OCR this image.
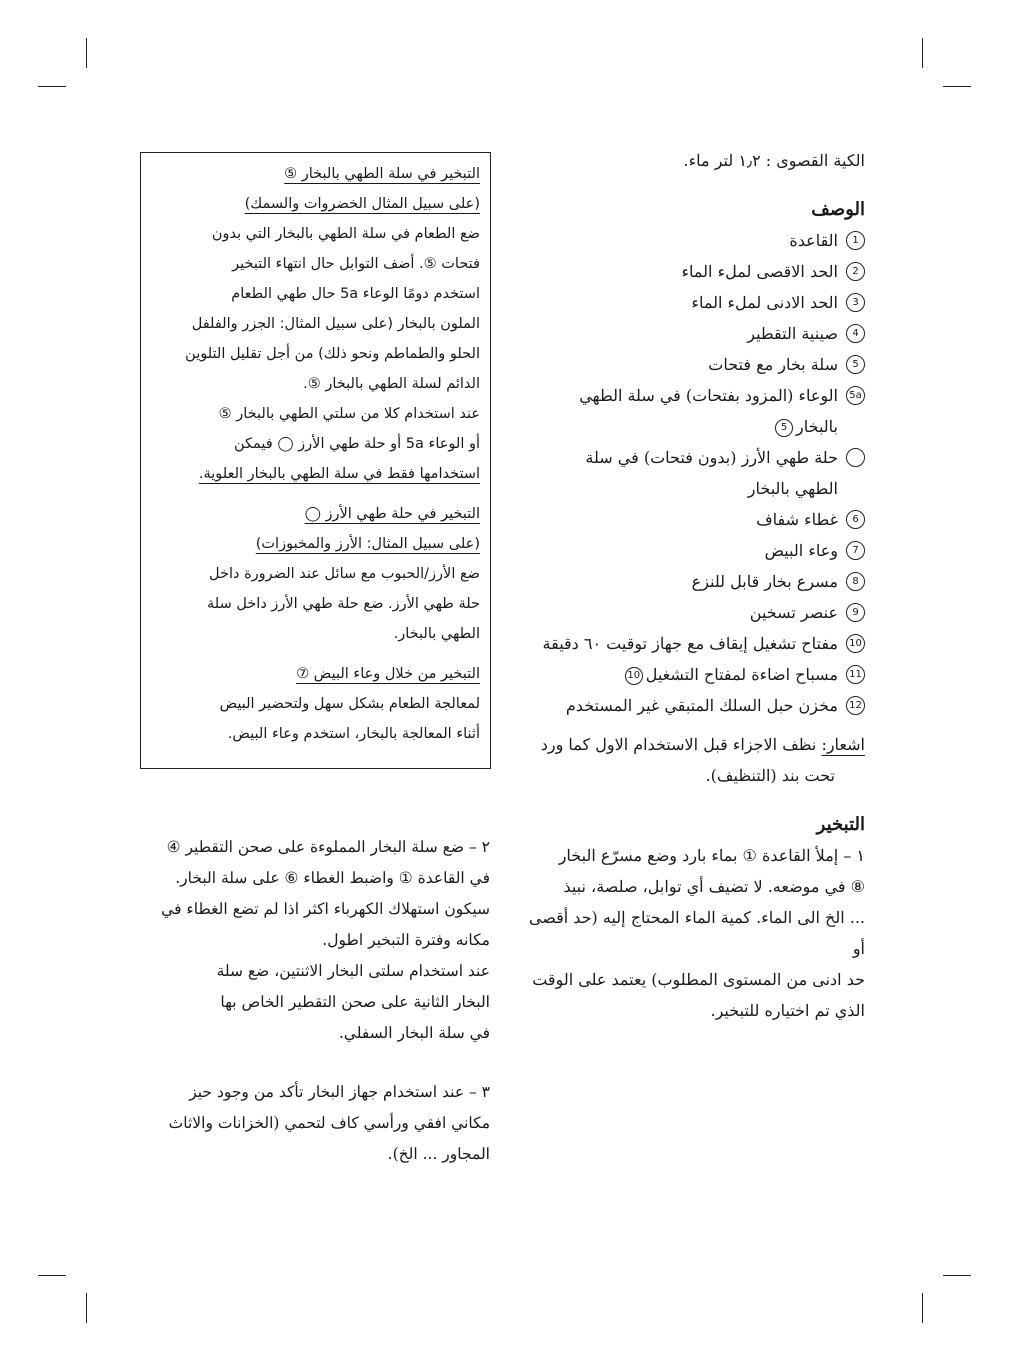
الكية القصوى : ١٫٢ لتر ماء.

الوصف

1
القاعدة
2
الحد الاقصى لملء الماء
3
الحد الادنى لملء الماء
4
صينية التقطير
5
سلة بخار مع فتحات
5a
الوعاء (المزود بفتحات) في سلة الطهي
بالبخار5
حلة طهي الأرز (بدون فتحات) في سلة
الطهي بالبخار
6
غطاء شفاف
7
وعاء البيض
8
مسرع بخار قابل للنزع
9
عنصر تسخين
10
مفتاح تشغيل إيقاف مع جهاز توقيت ٦٠ دقيقة
11
مسباح اضاءة لمفتاح التشغيل10
12
مخزن حبل السلك المتبقي غير المستخدم

اشعار: نظف الاجزاء قبل الاستخدام الاول كما ورد

تحت بند (التنظيف).

التبخير

١ – إملأ القاعدة ① بماء بارد وضع مسرّع البخار

⑧ في موضعه. لا تضيف أي توابل، صلصة، نبيذ

... الخ الى الماء. كمية الماء المحتاج إليه (حد أقصى أو

حد ادنى من المستوى المطلوب) يعتمد على الوقت

الذي تم اختياره للتبخير.

التبخير في سلة الطهي بالبخار ⑤

(على سبيل المثال الخضروات والسمك)

ضع الطعام في سلة الطهي بالبخار التي بدون

فتحات ⑤. أضف التوابل حال انتهاء التبخير

استخدم دومًا الوعاء 5a حال طهي الطعام

الملون بالبخار (على سبيل المثال: الجزر والفلفل

الحلو والطماطم ونحو ذلك) من أجل تقليل التلوين

الدائم لسلة الطهي بالبخار ⑤.

عند استخدام كلا من سلتي الطهي بالبخار ⑤

أو الوعاء 5a أو حلة طهي الأرز ◯ فيمكن

استخدامها فقط في سلة الطهي بالبخار العلوية.

التبخير في حلة طهي الأرز ◯

(على سبيل المثال: الأرز والمخبوزات)

ضع الأرز/الحبوب مع سائل عند الضرورة داخل

حلة طهي الأرز. ضع حلة طهي الأرز داخل سلة

الطهي بالبخار.

التبخير من خلال وعاء البيض ⑦

لمعالجة الطعام بشكل سهل ولتحضير البيض

أثناء المعالجة بالبخار، استخدم وعاء البيض.

٢ – ضع سلة البخار المملوءة على صحن التقطير ④

في القاعدة ① واضبط الغطاء ⑥ على سلة البخار.

سيكون استهلاك الكهرباء اكثر اذا لم تضع الغطاء في

مكانه وفترة التبخير اطول.

عند استخدام سلتى البخار الاثنتين، ضع سلة

البخار الثانية على صحن التقطير الخاص بها

في سلة البخار السفلي.

٣ – عند استخدام جهاز البخار تأكد من وجود حيز

مكاني افقي ورأسي كاف لتحمي (الخزانات والاثاث

المجاور ... الخ).
